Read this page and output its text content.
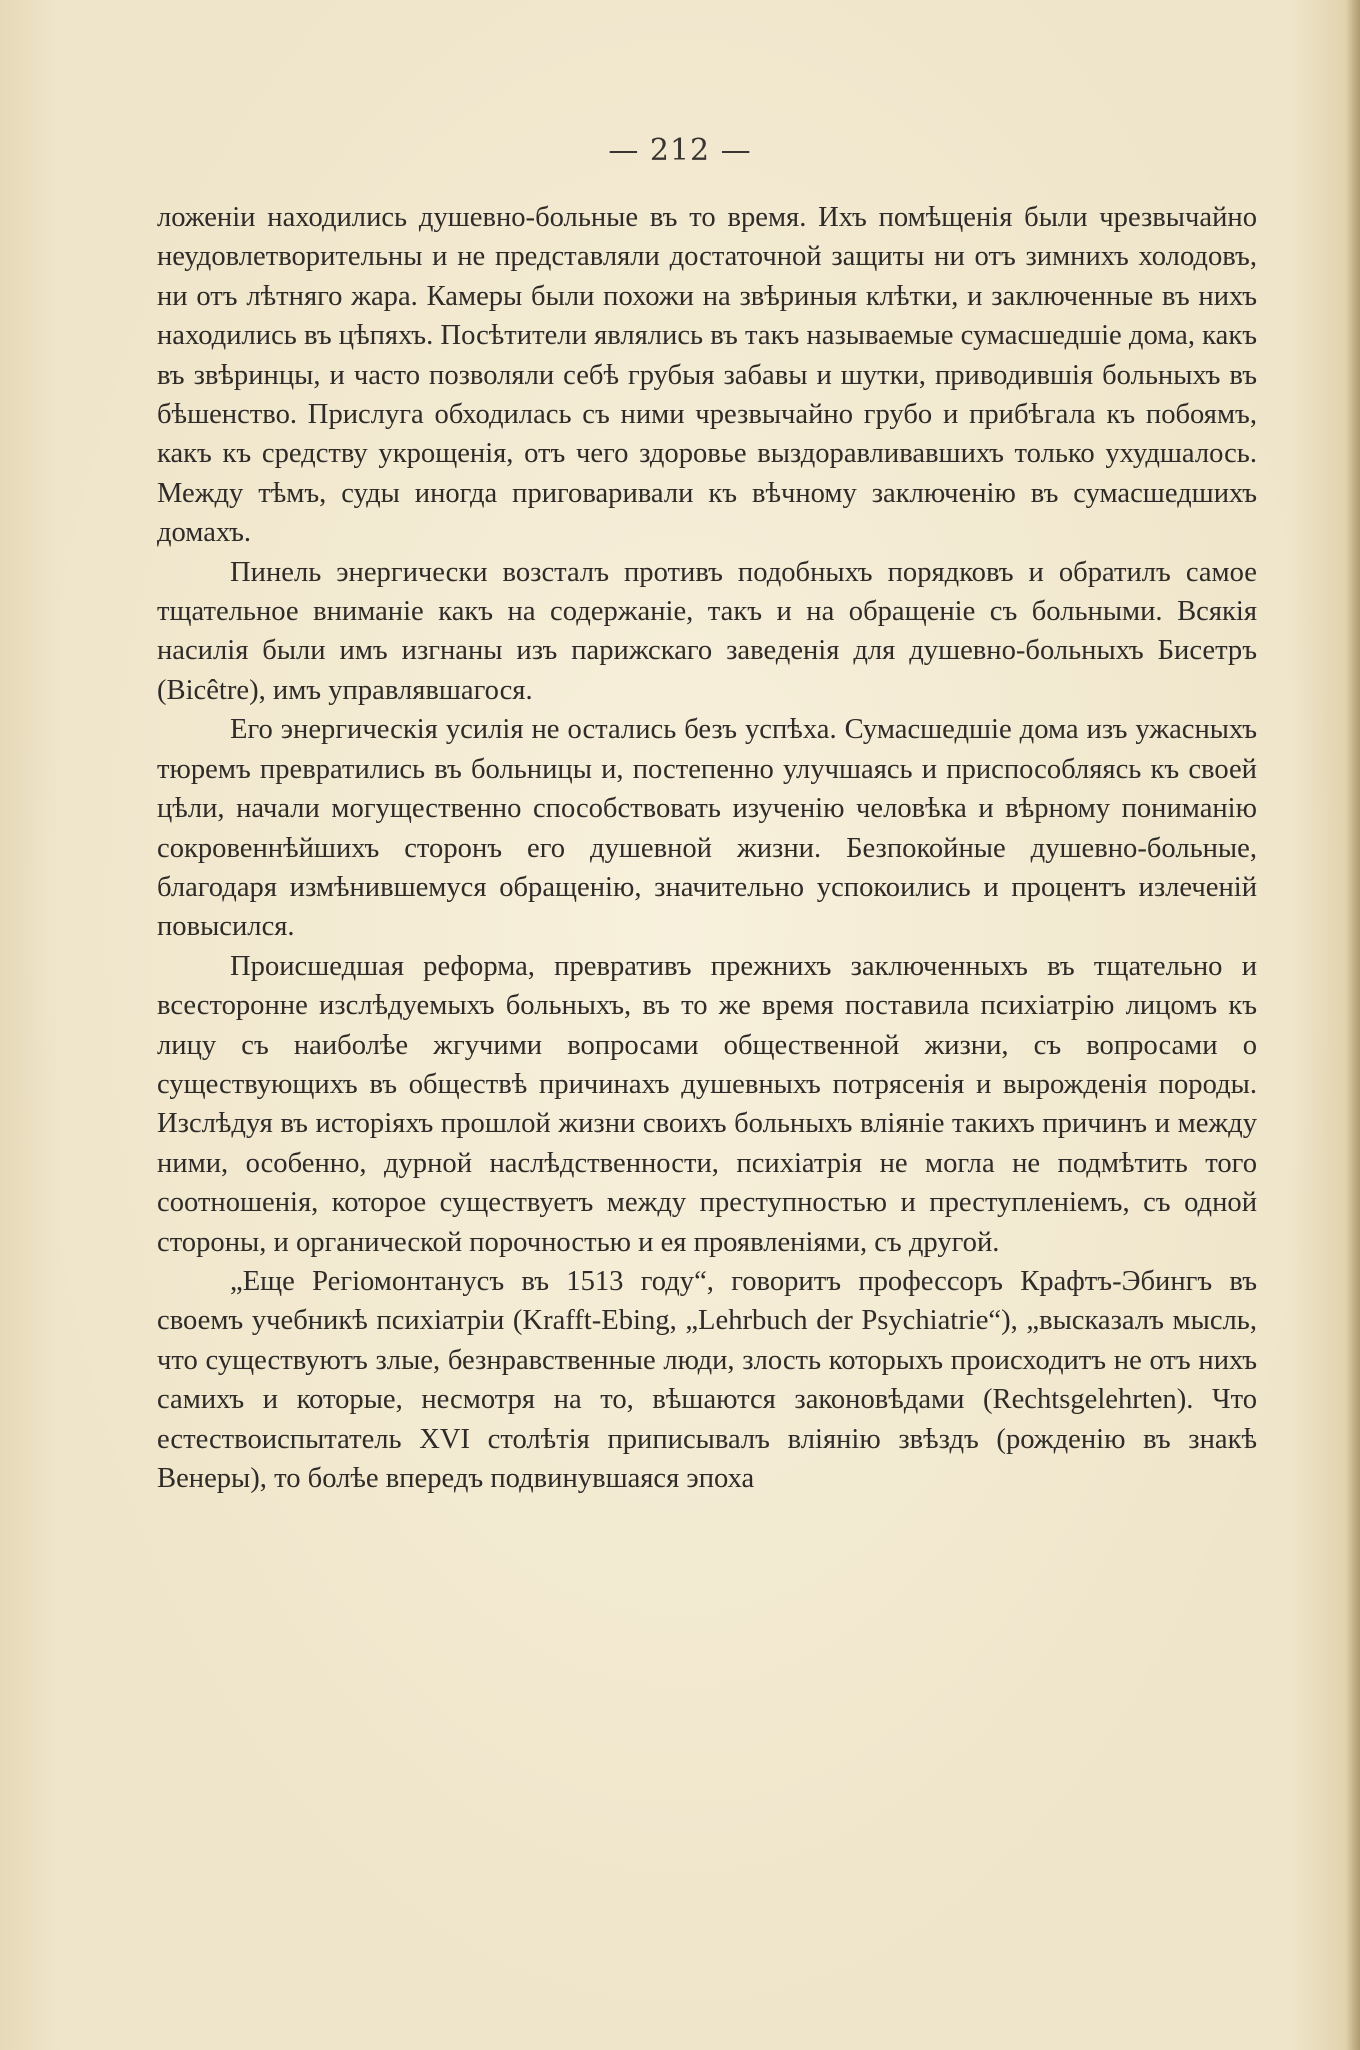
— 212 —

ложенiи находились душевно-больные въ то время. Ихъ помѣщенiя были чрезвычайно неудовлетворительны и не представляли достаточной защиты ни отъ зимнихъ холодовъ, ни отъ лѣтняго жара. Камеры были похожи на звѣриныя клѣтки, и заключенные въ нихъ находились въ цѣпяхъ. Посѣтители являлись въ такъ называемые сумасшедшiе дома, какъ въ звѣринцы, и часто позволяли себѣ грубыя забавы и шутки, приводившiя больныхъ въ бѣшенство. Прислуга обходилась съ ними чрезвычайно грубо и прибѣгала къ побоямъ, какъ къ средству укрощенiя, отъ чего здоровье выздоравливавшихъ только ухудшалось. Между тѣмъ, суды иногда приговаривали къ вѣчному заключенiю въ сумасшедшихъ домахъ.

Пинель энергически возсталъ противъ подобныхъ порядковъ и обратилъ самое тщательное вниманiе какъ на содержанiе, такъ и на обращенiе съ больными. Всякiя насилiя были имъ изгнаны изъ парижскаго заведенiя для душевно-больныхъ Бисетръ (Bicêtre), имъ управлявшагося.

Его энергическiя усилiя не остались безъ успѣха. Сумасшедшiе дома изъ ужасныхъ тюремъ превратились въ больницы и, постепенно улучшаясь и приспособляясь къ своей цѣли, начали могущественно способствовать изученiю человѣка и вѣрному пониманiю сокровеннѣйшихъ сторонъ его душевной жизни. Безпокойные душевно-больные, благодаря измѣнившемуся обращенiю, значительно успокоились и процентъ излеченiй повысился.

Происшедшая реформа, превративъ прежнихъ заключенныхъ въ тщательно и всесторонне изслѣдуемыхъ больныхъ, въ то же время поставила психiатрiю лицомъ къ лицу съ наиболѣе жгучими вопросами общественной жизни, съ вопросами о существующихъ въ обществѣ причинахъ душевныхъ потрясенiя и вырожденiя породы. Изслѣдуя въ исторiяхъ прошлой жизни своихъ больныхъ влiянiе такихъ причинъ и между ними, особенно, дурной наслѣдственности, психiатрiя не могла не подмѣтить того соотношенiя, которое существуетъ между преступностью и преступленiемъ, съ одной стороны, и органической порочностью и ея проявленiями, съ другой.

„Еще Регiомонтанусъ въ 1513 году“, говоритъ профессоръ Крафтъ-Эбингъ въ своемъ учебникѣ психiатрiи (Krafft-Ebing, „Lehrbuch der Psychiatrie“), „высказалъ мысль, что существуютъ злые, безнравственные люди, злость которыхъ происходитъ не отъ нихъ самихъ и которые, несмотря на то, вѣшаются законовѣдами (Rechtsgelehrten). Что естествоиспытатель XVI столѣтiя приписывалъ влiянiю звѣздъ (рожденiю въ знакѣ Венеры), то болѣе впередъ подвинувшаяся эпоха
